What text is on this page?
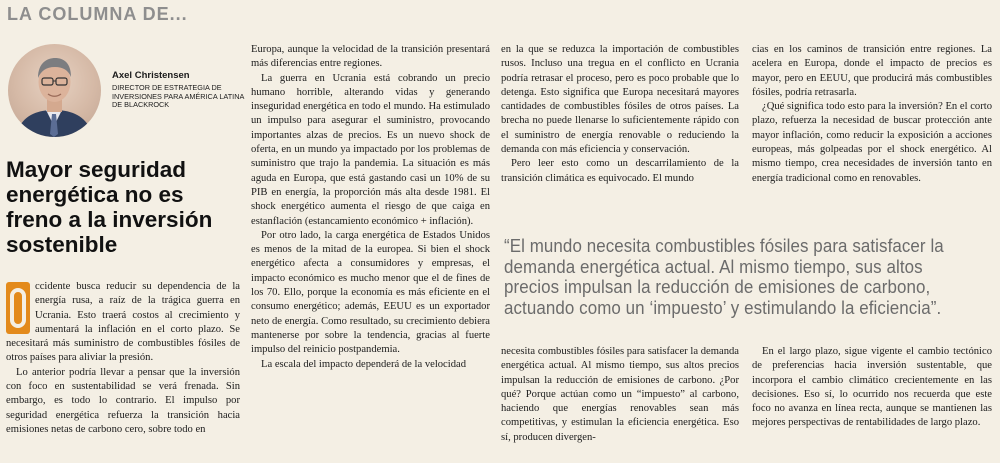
LA COLUMNA DE...
Axel Christensen
DIRECTOR DE ESTRATEGIA DE INVERSIONES PARA AMÉRICA LATINA DE BLACKROCK
Mayor seguridad energética no es freno a la inversión sostenible

ccidente busca reducir su dependencia de la energía rusa, a raíz de la trágica guerra en Ucrania. Esto traerá costos al crecimiento y aumentará la inflación en el corto plazo. Se necesitará más suministro de combustibles fósiles de otros países para aliviar la presión.

Lo anterior podría llevar a pensar que la inversión con foco en sustentabilidad se verá frenada. Sin embargo, es todo lo contrario. El impulso por seguridad energética refuerza la transición hacia emisiones netas de carbono cero, sobre todo en

Europa, aunque la velocidad de la transición presentará más diferencias entre regiones.

La guerra en Ucrania está cobrando un precio humano horrible, alterando vidas y generando inseguridad energética en todo el mundo. Ha estimulado un impulso para asegurar el suministro, provocando importantes alzas de precios. Es un nuevo shock de oferta, en un mundo ya impactado por los problemas de suministro que trajo la pandemia. La situación es más aguda en Europa, que está gastando casi un 10% de su PIB en energía, la proporción más alta desde 1981. El shock energético aumenta el riesgo de que caiga en estanflación (estancamiento económico + inflación).

Por otro lado, la carga energética de Estados Unidos es menos de la mitad de la europea. Si bien el shock energético afecta a consumidores y empresas, el impacto económico es mucho menor que el de fines de los 70. Ello, porque la economía es más eficiente en el consumo energético; además, EEUU es un exportador neto de energía. Como resultado, su crecimiento debiera mantenerse por sobre la tendencia, gracias al fuerte impulso del reinicio postpandemia.

La escala del impacto dependerá de la velocidad

en la que se reduzca la importación de combustibles rusos. Incluso una tregua en el conflicto en Ucrania podría retrasar el proceso, pero es poco probable que lo detenga. Esto significa que Europa necesitará mayores cantidades de combustibles fósiles de otros países. La brecha no puede llenarse lo suficientemente rápido con el suministro de energía renovable o reduciendo la demanda con más eficiencia y conservación.

Pero leer esto como un descarrilamiento de la transición climática es equivocado. El mundo

cias en los caminos de transición entre regiones. La acelera en Europa, donde el impacto de precios es mayor, pero en EEUU, que producirá más combustibles fósiles, podría retrasarla.

¿Qué significa todo esto para la inversión? En el corto plazo, refuerza la necesidad de buscar protección ante mayor inflación, como reducir la exposición a acciones europeas, más golpeadas por el shock energético. Al mismo tiempo, crea necesidades de inversión tanto en energía tradicional como en renovables.

“El mundo necesita combustibles fósiles para satisfacer la demanda energética actual. Al mismo tiempo, sus altos precios impulsan la reducción de emisiones de carbono, actuando como un ‘impuesto’ y estimulando la eficiencia”.

necesita combustibles fósiles para satisfacer la demanda energética actual. Al mismo tiempo, sus altos precios impulsan la reducción de emisiones de carbono. ¿Por qué? Porque actúan como un “impuesto” al carbono, haciendo que energías renovables sean más competitivas, y estimulan la eficiencia energética. Eso sí, producen divergen-

En el largo plazo, sigue vigente el cambio tectónico de preferencias hacia inversión sustentable, que incorpora el cambio climático crecientemente en las decisiones. Eso sí, lo ocurrido nos recuerda que este foco no avanza en línea recta, aunque se mantienen las mejores perspectivas de rentabilidades de largo plazo.
